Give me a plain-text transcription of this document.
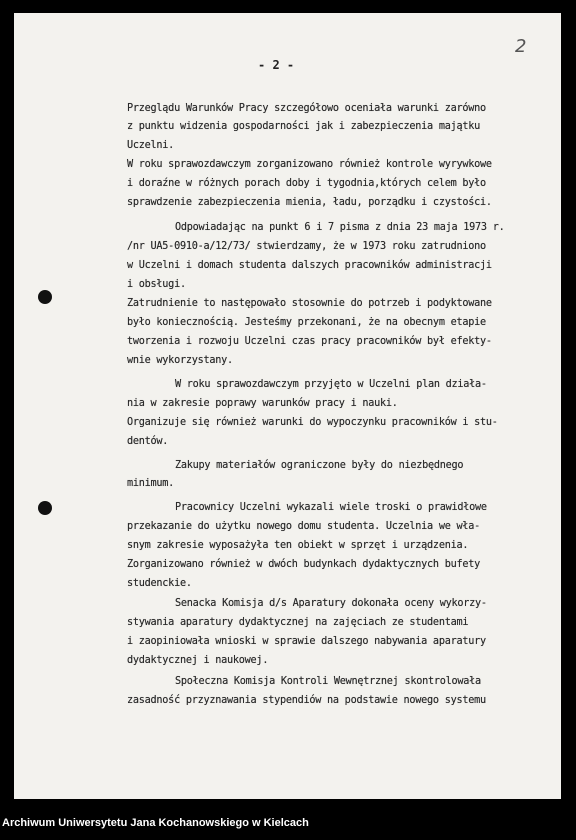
- 2 -
2
Przeglądu Warunków Pracy szczegółowo oceniała warunki zarówno
z punktu widzenia gospodarności jak i zabezpieczenia majątku
Uczelni.
W roku sprawozdawczym zorganizowano również kontrole wyrywkowe
i doraźne w różnych porach doby i tygodnia,których celem było
sprawdzenie zabezpieczenia mienia, ładu, porządku i czystości.
Odpowiadając na punkt 6 i 7 pisma z dnia 23 maja 1973 r.
/nr UA5-0910-a/12/73/ stwierdzamy, że w 1973 roku zatrudniono
w Uczelni i domach studenta dalszych pracowników administracji
i obsługi.
Zatrudnienie to następowało stosownie do potrzeb i podyktowane
było koniecznością. Jesteśmy przekonani, że na obecnym etapie
tworzenia i rozwoju Uczelni czas pracy pracowników był efekty-
wnie wykorzystany.
W roku sprawozdawczym przyjęto w Uczelni plan działa-
nia w zakresie poprawy warunków pracy i nauki.
Organizuje się również warunki do wypoczynku pracowników i stu-
dentów.
Zakupy materiałów ograniczone były do niezbędnego
minimum.
Pracownicy Uczelni wykazali wiele troski o prawidłowe
przekazanie do użytku nowego domu studenta. Uczelnia we wła-
snym zakresie wyposażyła ten obiekt w sprzęt i urządzenia.
Zorganizowano również w dwóch budynkach dydaktycznych bufety
studenckie.
Senacka Komisja d/s Aparatury dokonała oceny wykorzy-
stywania aparatury dydaktycznej na zajęciach ze studentami
i zaopiniowała wnioski w sprawie dalszego nabywania aparatury
dydaktycznej i naukowej.
Społeczna Komisja Kontroli Wewnętrznej skontrolowała
zasadność przyznawania stypendiów na podstawie nowego systemu
Archiwum Uniwersytetu Jana Kochanowskiego w Kielcach
